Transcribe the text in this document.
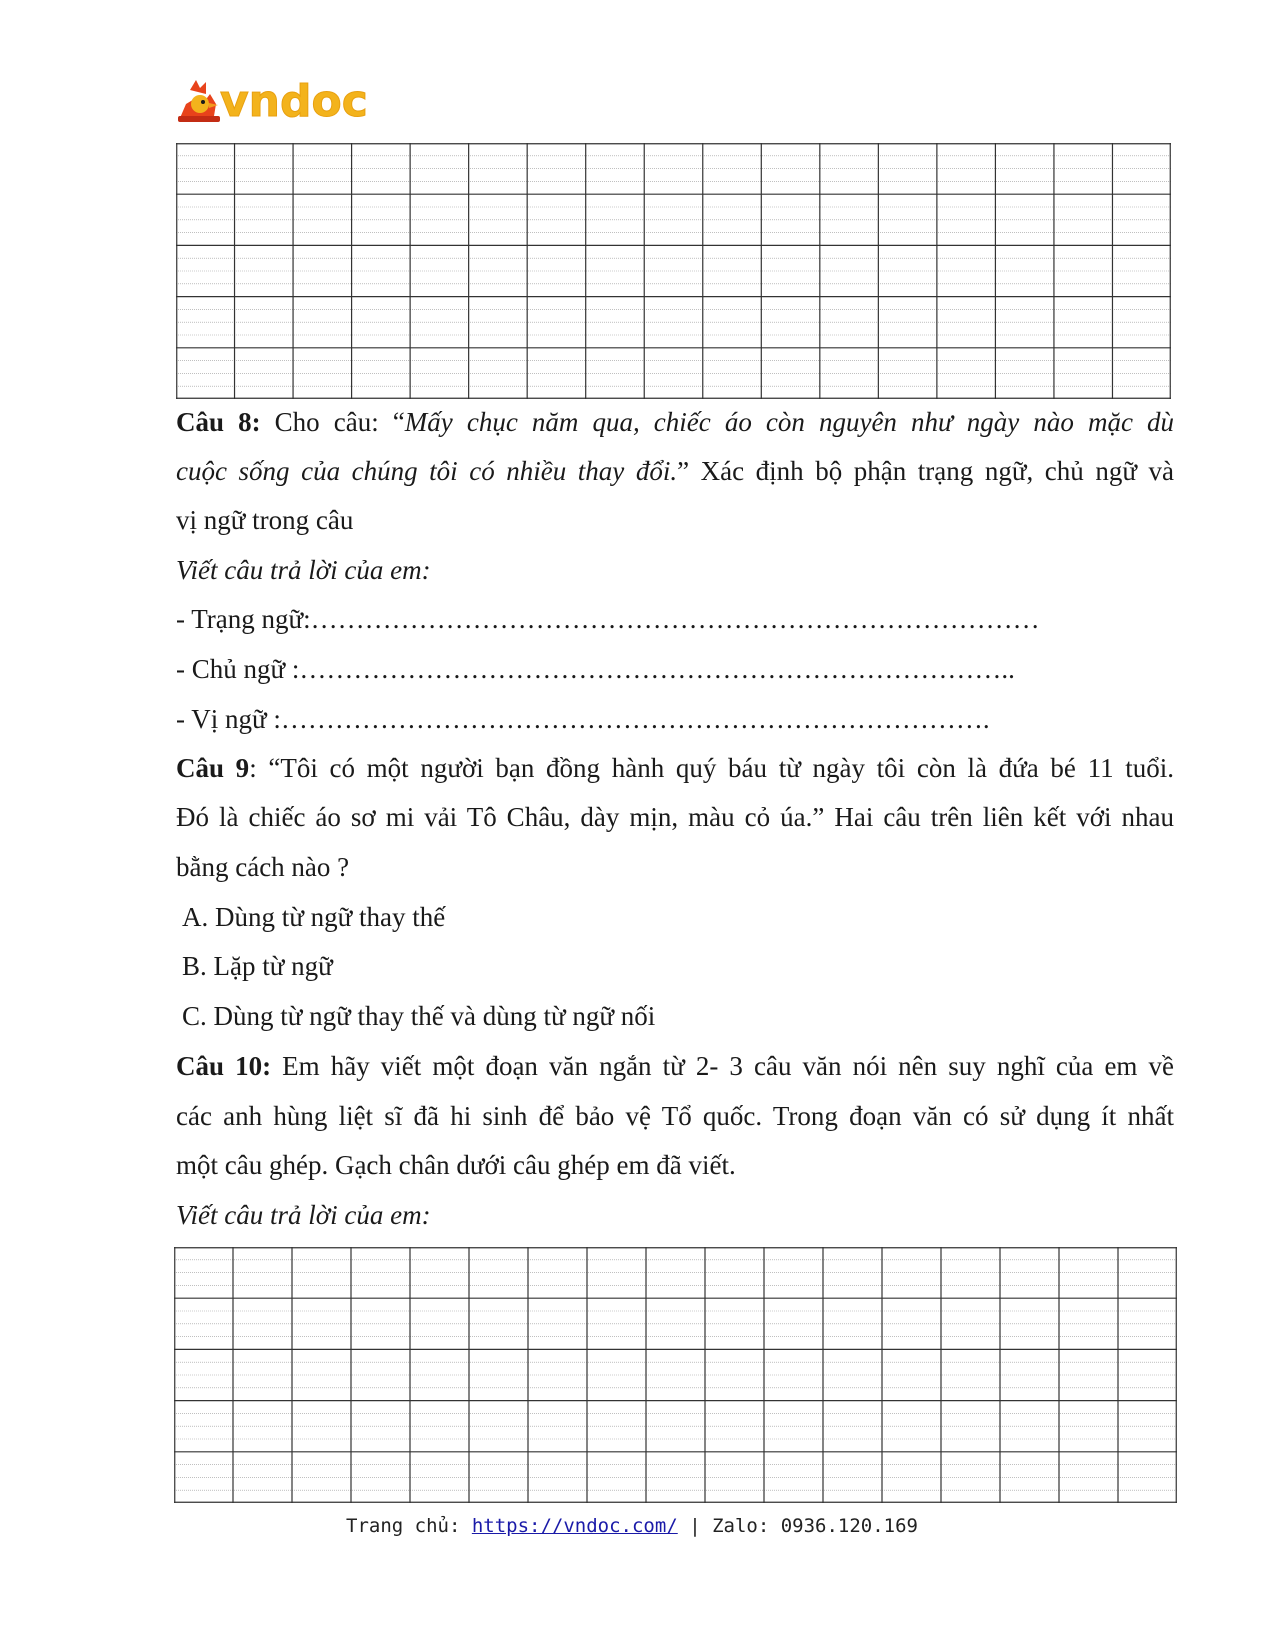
vndoc
Câu 8: Cho câu: “Mấy chục năm qua, chiếc áo còn nguyên như ngày nào mặc dù
cuộc sống của chúng tôi có nhiều thay đổi.” Xác định bộ phận trạng ngữ, chủ ngữ và
vị ngữ trong câu
Viết câu trả lời của em:
- Trạng ngữ:………………………………………………………………………
- Chủ ngữ :……………………………………………………………………..
- Vị ngữ :…………………………………………………………………….
Câu 9: “Tôi có một người bạn đồng hành quý báu từ ngày tôi còn là đứa bé 11 tuổi.
Đó là chiếc áo sơ mi vải Tô Châu, dày mịn, màu cỏ úa.” Hai câu trên liên kết với nhau
bằng cách nào ?
A. Dùng từ ngữ thay thế
B. Lặp từ ngữ
C. Dùng từ ngữ thay thế và dùng từ ngữ nối
Câu 10: Em hãy viết một đoạn văn ngắn từ 2- 3 câu văn nói nên suy nghĩ của em về
các anh hùng liệt sĩ đã hi sinh để bảo vệ Tổ quốc. Trong đoạn văn có sử dụng ít nhất
một câu ghép. Gạch chân dưới câu ghép em đã viết.
Viết câu trả lời của em:
Trang chủ: https://vndoc.com/ | Zalo: 0936.120.169
